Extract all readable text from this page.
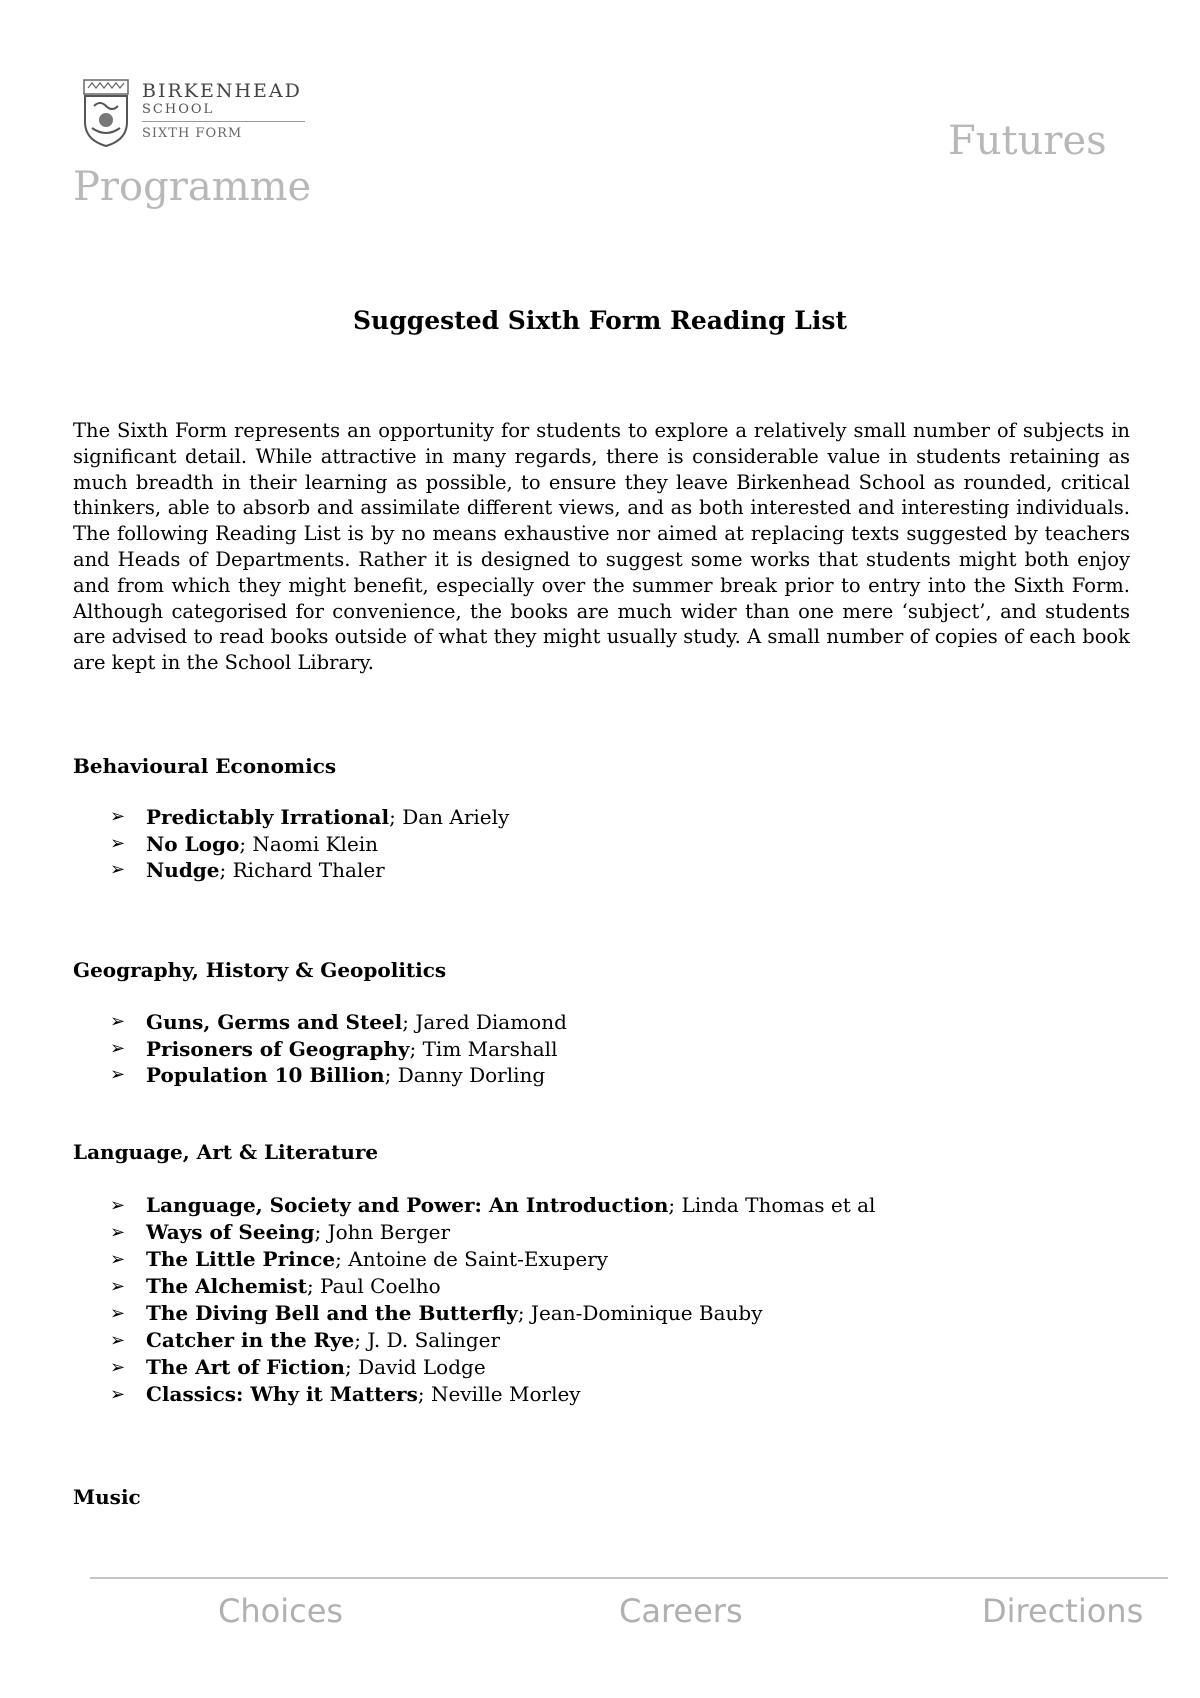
BIRKENHEAD
SCHOOL
SIXTH FORM	Futures
Programme
Suggested Sixth Form Reading List
The Sixth Form represents an opportunity for students to explore a relatively small number of subjects in significant detail. While attractive in many regards, there is considerable value in students retaining as much breadth in their learning as possible, to ensure they leave Birkenhead School as rounded, critical thinkers, able to absorb and assimilate different views, and as both interested and interesting individuals. The following Reading List is by no means exhaustive nor aimed at replacing texts suggested by teachers and Heads of Departments. Rather it is designed to suggest some works that students might both enjoy and from which they might benefit, especially over the summer break prior to entry into the Sixth Form. Although categorised for convenience, the books are much wider than one mere ‘subject’, and students are advised to read books outside of what they might usually study. A small number of copies of each book are kept in the School Library.
Behavioural Economics
➢ Predictably Irrational; Dan Ariely
➢ No Logo; Naomi Klein
➢ Nudge; Richard Thaler
Geography, History & Geopolitics
➢ Guns, Germs and Steel; Jared Diamond
➢ Prisoners of Geography; Tim Marshall
➢ Population 10 Billion; Danny Dorling
Language, Art & Literature
➢ Language, Society and Power: An Introduction; Linda Thomas et al
➢ Ways of Seeing; John Berger
➢ The Little Prince; Antoine de Saint-Exupery
➢ The Alchemist; Paul Coelho
➢ The Diving Bell and the Butterfly; Jean-Dominique Bauby
➢ Catcher in the Rye; J. D. Salinger
➢ The Art of Fiction; David Lodge
➢ Classics: Why it Matters; Neville Morley
Music
Choices	Careers	Directions
